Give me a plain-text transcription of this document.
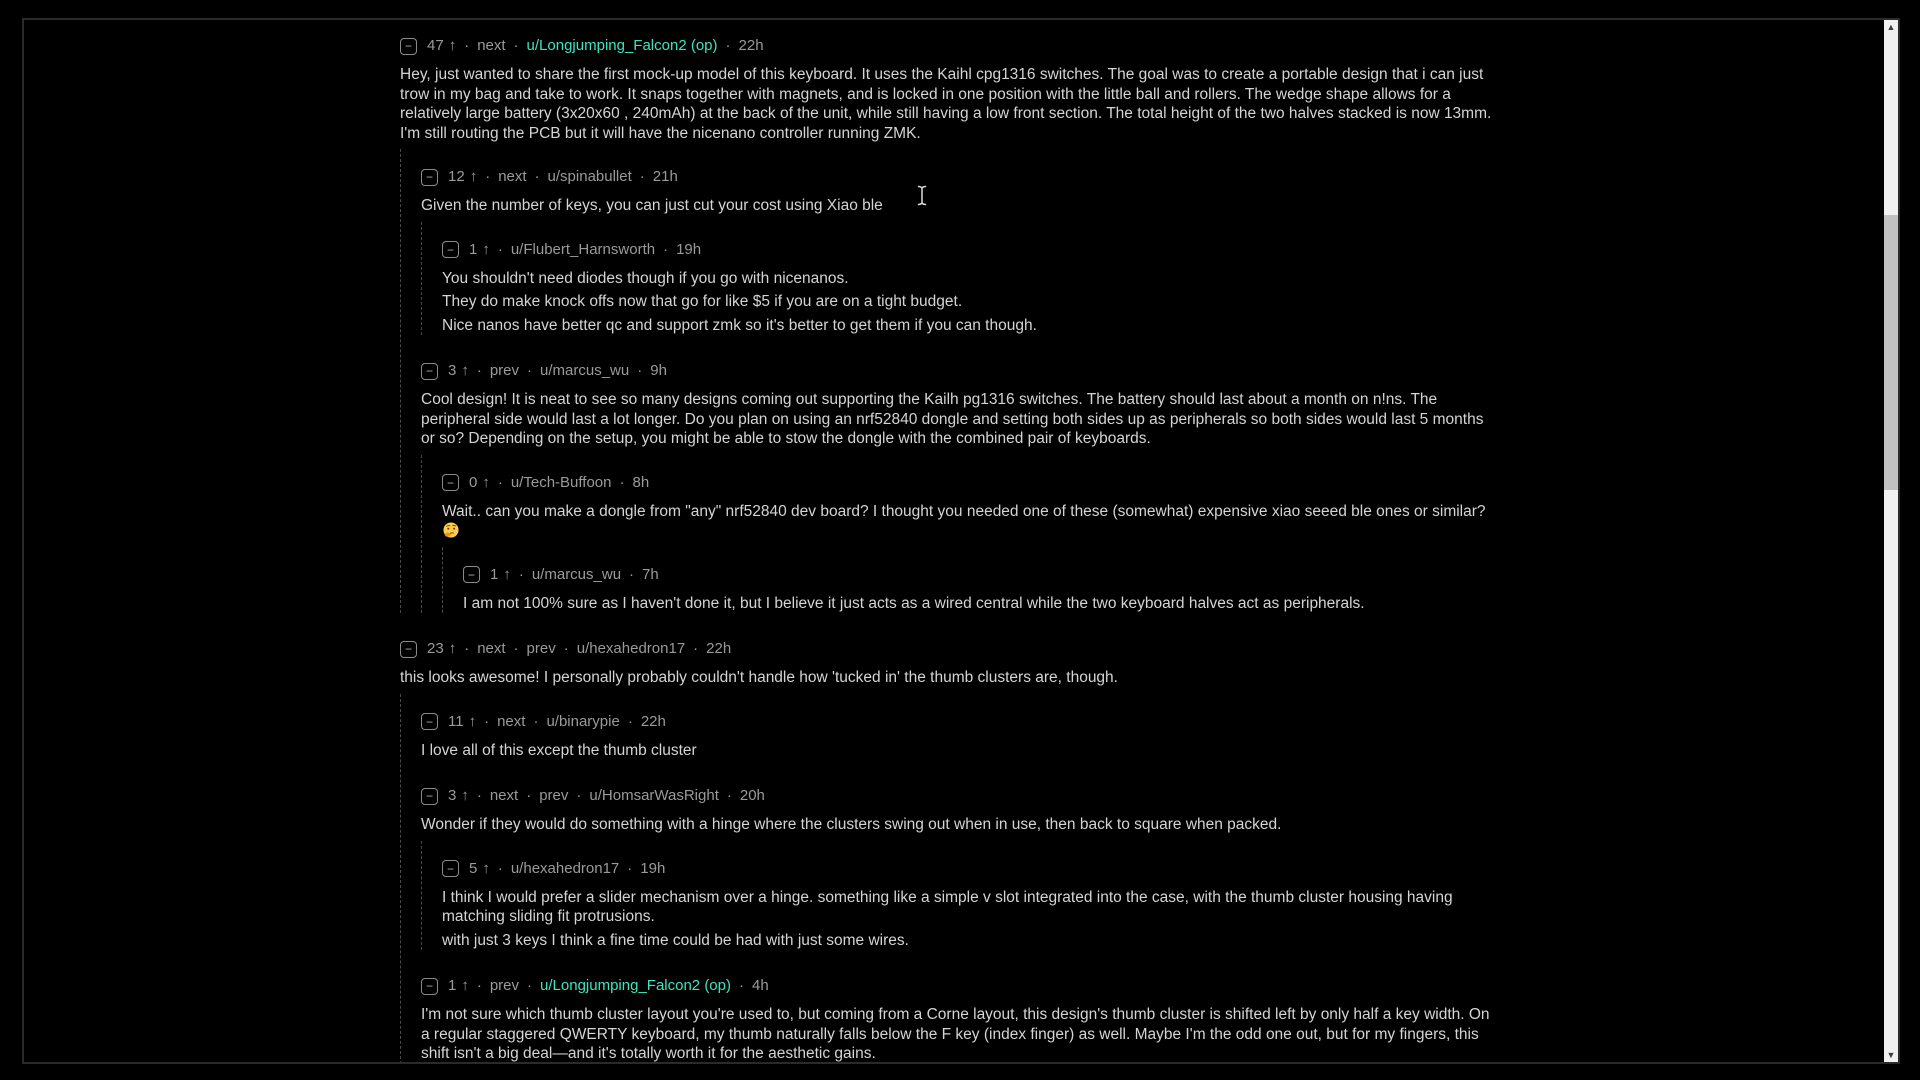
−	47 ↑ · next · u/Longjumping_Falcon2 (op) · 22h

Hey, just wanted to share the first mock-up model of this keyboard. It uses the Kaihl cpg1316 switches. The goal was to create a portable design that i can just trow in my bag and take to work. It snaps together with magnets, and is locked in one position with the little ball and rollers. The wedge shape allows for a relatively large battery (3x20x60 , 240mAh) at the back of the unit, while still having a low front section. The total height of the two halves stacked is now 13mm. I'm still routing the PCB but it will have the nicenano controller running ZMK.

−	12 ↑ · next · u/spinabullet · 21h

Given the number of keys, you can just cut your cost using Xiao ble

−	1 ↑ · u/Flubert_Harnsworth · 19h

You shouldn't need diodes though if you go with nicenanos.

They do make knock offs now that go for like $5 if you are on a tight budget.

Nice nanos have better qc and support zmk so it's better to get them if you can though.

−	3 ↑ · prev · u/marcus_wu · 9h

Cool design! It is neat to see so many designs coming out supporting the Kailh pg1316 switches. The battery should last about a month on n!ns. The peripheral side would last a lot longer. Do you plan on using an nrf52840 dongle and setting both sides up as peripherals so both sides would last 5 months or so? Depending on the setup, you might be able to stow the dongle with the combined pair of keyboards.

−	0 ↑ · u/Tech-Buffoon · 8h

Wait.. can you make a dongle from "any" nrf52840 dev board? I thought you needed one of these (somewhat) expensive xiao seeed ble ones or similar?

−	1 ↑ · u/marcus_wu · 7h

I am not 100% sure as I haven't done it, but I believe it just acts as a wired central while the two keyboard halves act as peripherals.

−	23 ↑ · next · prev · u/hexahedron17 · 22h

this looks awesome! I personally probably couldn't handle how 'tucked in' the thumb clusters are, though.

−	11 ↑ · next · u/binarypie · 22h

I love all of this except the thumb cluster

−	3 ↑ · next · prev · u/HomsarWasRight · 20h

Wonder if they would do something with a hinge where the clusters swing out when in use, then back to square when packed.

−	5 ↑ · u/hexahedron17 · 19h

I think I would prefer a slider mechanism over a hinge. something like a simple v slot integrated into the case, with the thumb cluster housing having matching sliding fit protrusions.

with just 3 keys I think a fine time could be had with just some wires.

−	1 ↑ · prev · u/Longjumping_Falcon2 (op) · 4h

I'm not sure which thumb cluster layout you're used to, but coming from a Corne layout, this design's thumb cluster is shifted left by only half a key width. On a regular staggered QWERTY keyboard, my thumb naturally falls below the F key (index finger) as well. Maybe I'm the odd one out, but for my fingers, this shift isn't a big deal—and it's totally worth it for the aesthetic gains.

▲
▼
